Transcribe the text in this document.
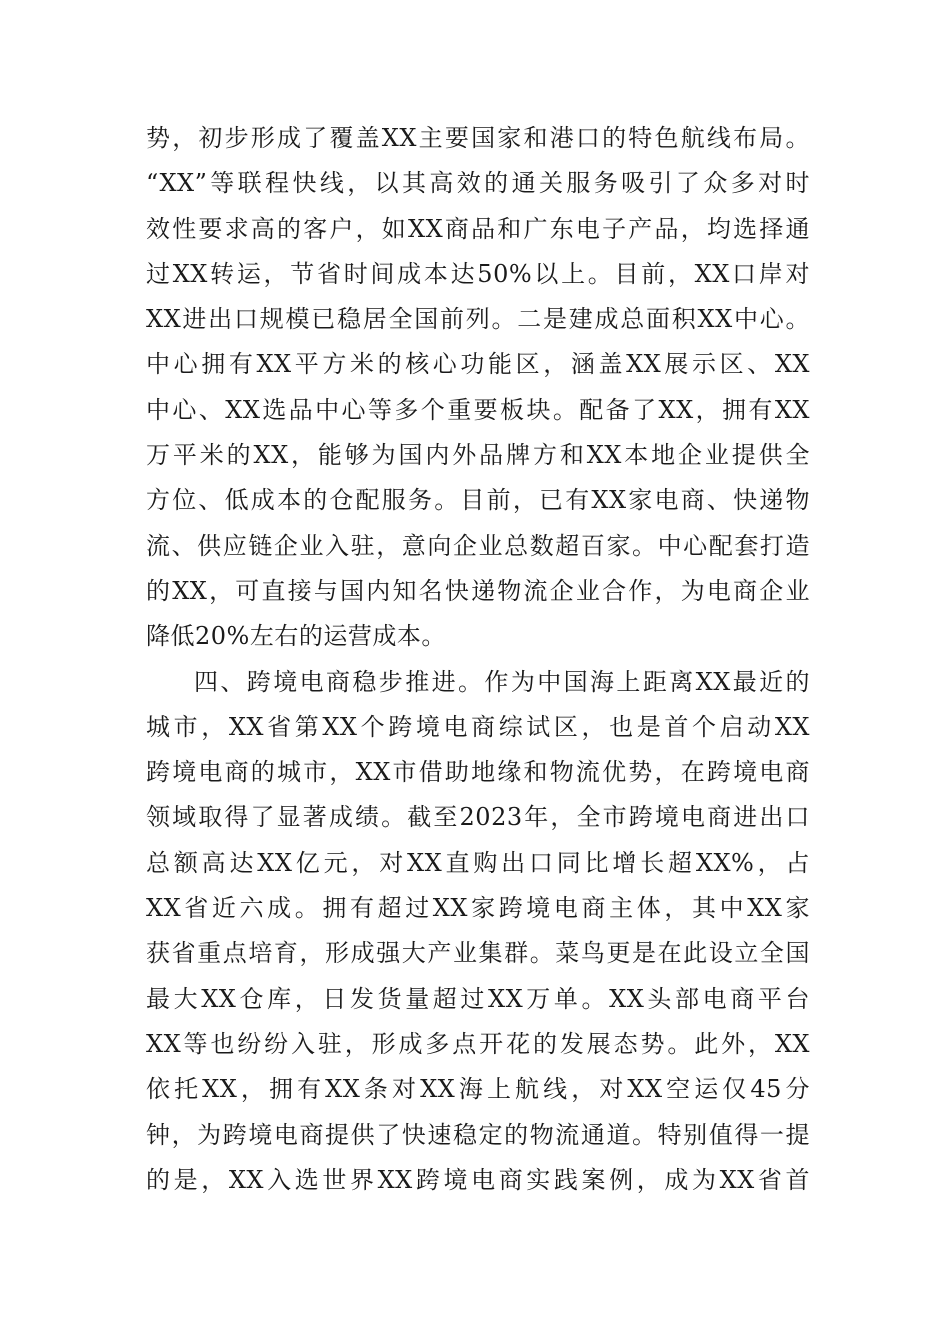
势，初步形成了覆盖XX主要国家和港口的特色航线布局。
“XX”等联程快线，以其高效的通关服务吸引了众多对时
效性要求高的客户，如XX商品和广东电子产品，均选择通
过XX转运，节省时间成本达50%以上。目前，XX口岸对
XX进出口规模已稳居全国前列。二是建成总面积XX中心。
中心拥有XX平方米的核心功能区，涵盖XX展示区、XX
中心、XX选品中心等多个重要板块。配备了XX，拥有XX
万平米的XX，能够为国内外品牌方和XX本地企业提供全
方位、低成本的仓配服务。目前，已有XX家电商、快递物
流、供应链企业入驻，意向企业总数超百家。中心配套打造
的XX，可直接与国内知名快递物流企业合作，为电商企业
降低20%左右的运营成本。
四、跨境电商稳步推进。作为中国海上距离XX最近的
城市，XX省第XX个跨境电商综试区，也是首个启动XX
跨境电商的城市，XX市借助地缘和物流优势，在跨境电商
领域取得了显著成绩。截至2023年，全市跨境电商进出口
总额高达XX亿元，对XX直购出口同比增长超XX%，占
XX省近六成。拥有超过XX家跨境电商主体，其中XX家
获省重点培育，形成强大产业集群。菜鸟更是在此设立全国
最大XX仓库，日发货量超过XX万单。XX头部电商平台
XX等也纷纷入驻，形成多点开花的发展态势。此外，XX
依托XX，拥有XX条对XX海上航线，对XX空运仅45分
钟，为跨境电商提供了快速稳定的物流通道。特别值得一提
的是，XX入选世界XX跨境电商实践案例，成为XX省首
